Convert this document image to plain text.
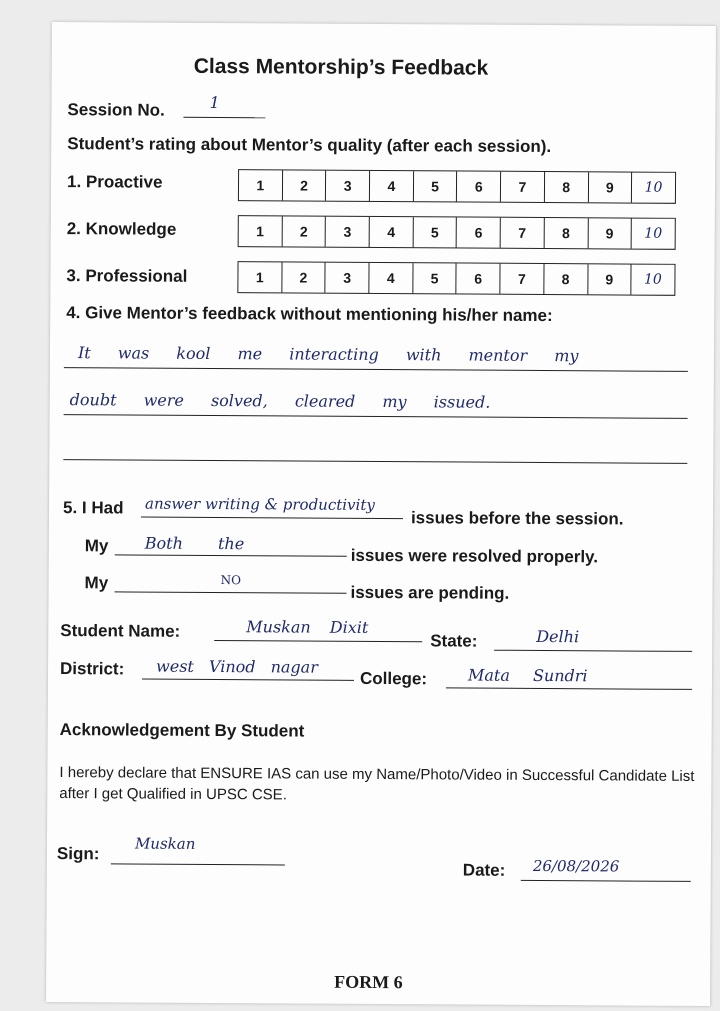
Class Mentorship’s Feedback
Session No.	1
Student’s rating about Mentor’s quality (after each session).
1. Proactive	1	2	3	4	5	6	7	8	9	10
2. Knowledge	1	2	3	4	5	6	7	8	9	10
3. Professional	1	2	3	4	5	6	7	8	9	10
4. Give Mentor’s feedback without mentioning his/her name:
It was kool me interacting with mentor my
doubt were solved, cleared my issued.
5. I Had answer writing & productivity
issues before the session.
My Both the
issues were resolved properly.
My	NO
issues are pending.
Student Name:	Muskan Dixit
State:	Delhi
District: west Vinod nagar
College:	Mata Sundri
Acknowledgement By Student
I hereby declare that ENSURE IAS can use my Name/Photo/Video in Successful Candidate List after I get Qualified in UPSC CSE.
Sign:
Muskan
Date: 26/08/2026
FORM 6
